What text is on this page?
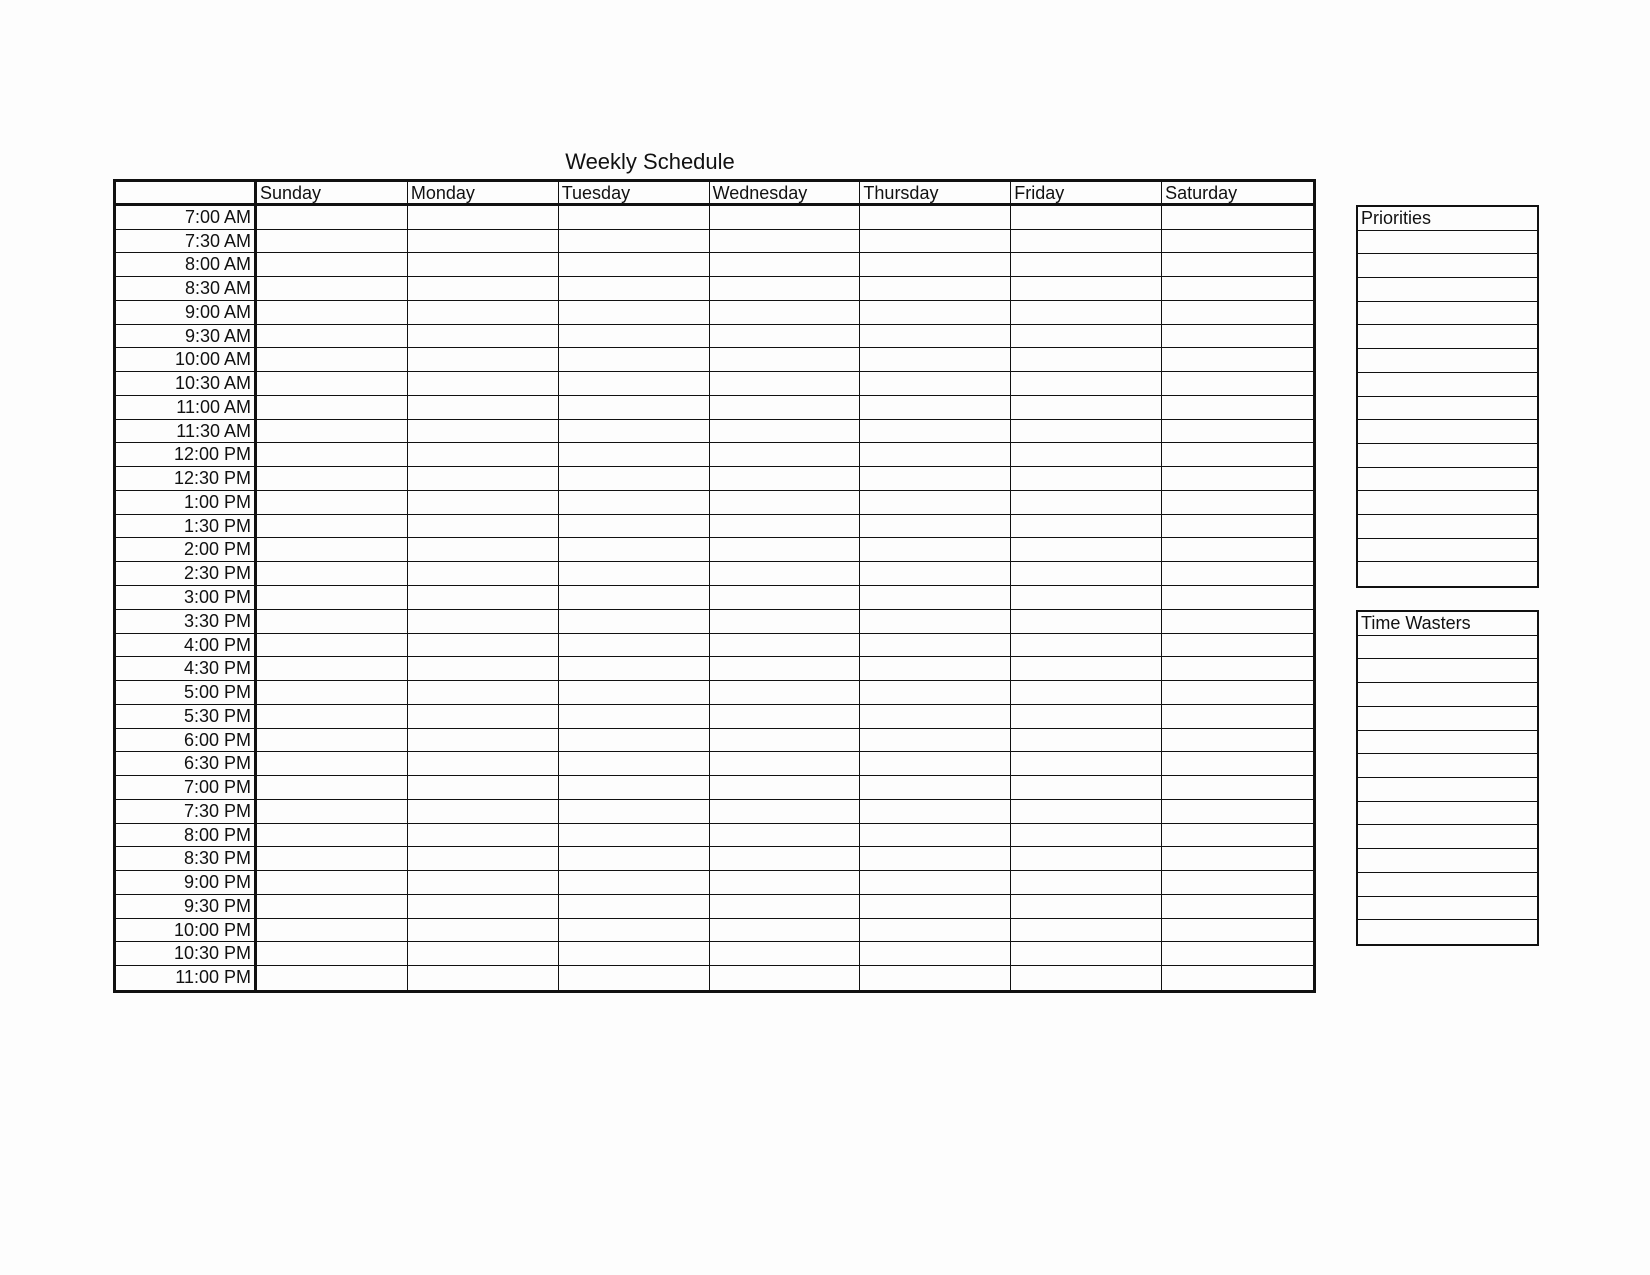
Weekly Schedule
Sunday	Monday	Tuesday	Wednesday	Thursday	Friday	Saturday
7:00 AM
7:30 AM
8:00 AM
8:30 AM
9:00 AM
9:30 AM
10:00 AM
10:30 AM
11:00 AM
11:30 AM
12:00 PM
12:30 PM
1:00 PM
1:30 PM
2:00 PM
2:30 PM
3:00 PM
3:30 PM
4:00 PM
4:30 PM
5:00 PM
5:30 PM
6:00 PM
6:30 PM
7:00 PM
7:30 PM
8:00 PM
8:30 PM
9:00 PM
9:30 PM
10:00 PM
10:30 PM
11:00 PM
Priorities
Time Wasters
